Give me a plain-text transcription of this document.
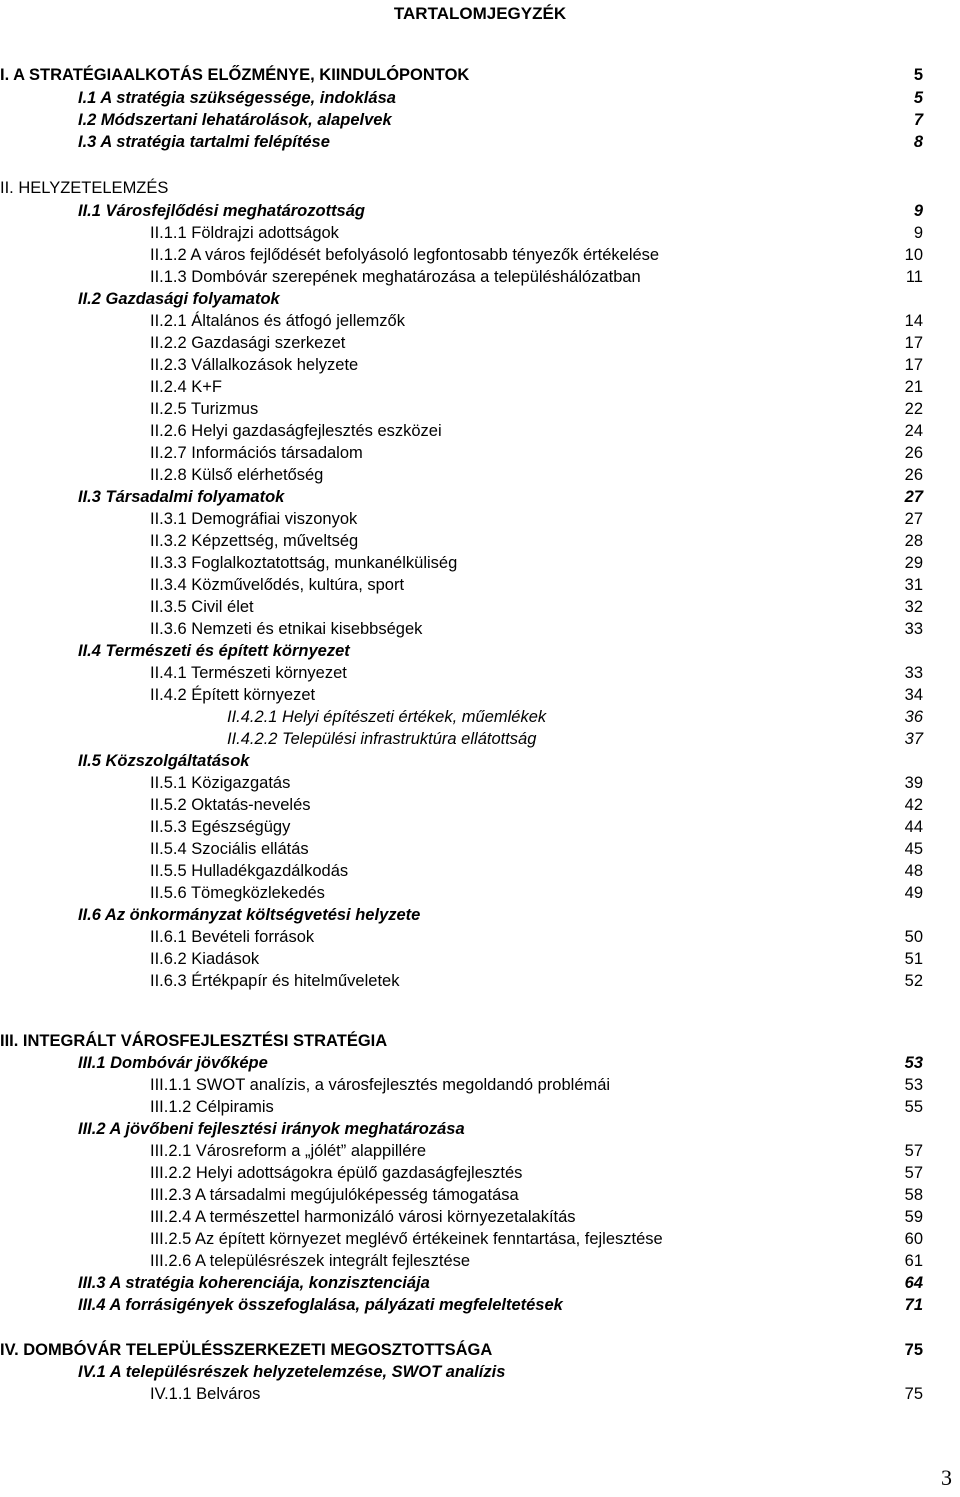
TARTALOMJEGYZÉK
I. A STRATÉGIAALKOTÁS ELŐZMÉNYE, KIINDULÓPONTOK	5
I.1 A stratégia szükségessége, indoklása	5
I.2 Módszertani lehatárolások, alapelvek	7
I.3 A stratégia tartalmi felépítése	8
II. HELYZETELEMZÉS
II.1 Városfejlődési meghatározottság	9
II.1.1 Földrajzi adottságok	9
II.1.2 A város fejlődését befolyásoló legfontosabb tényezők értékelése	10
II.1.3 Dombóvár szerepének meghatározása a településhálózatban	11
II.2 Gazdasági folyamatok
II.2.1 Általános és átfogó jellemzők	14
II.2.2 Gazdasági szerkezet	17
II.2.3 Vállalkozások helyzete	17
II.2.4 K+F	21
II.2.5 Turizmus	22
II.2.6 Helyi gazdaságfejlesztés eszközei	24
II.2.7 Információs társadalom	26
II.2.8 Külső elérhetőség	26
II.3 Társadalmi folyamatok	27
II.3.1 Demográfiai viszonyok	27
II.3.2 Képzettség, műveltség	28
II.3.3 Foglalkoztatottság, munkanélküliség	29
II.3.4 Közművelődés, kultúra, sport	31
II.3.5 Civil élet	32
II.3.6 Nemzeti és etnikai kisebbségek	33
II.4 Természeti és épített környezet
II.4.1 Természeti környezet	33
II.4.2 Épített környezet	34
II.4.2.1 Helyi építészeti értékek, műemlékek	36
II.4.2.2 Települési infrastruktúra ellátottság	37
II.5 Közszolgáltatások
II.5.1 Közigazgatás	39
II.5.2 Oktatás-nevelés	42
II.5.3 Egészségügy	44
II.5.4 Szociális ellátás	45
II.5.5 Hulladékgazdálkodás	48
II.5.6 Tömegközlekedés	49
II.6 Az önkormányzat költségvetési helyzete
II.6.1 Bevételi források	50
II.6.2 Kiadások	51
II.6.3 Értékpapír és hitelműveletek	52
III. INTEGRÁLT VÁROSFEJLESZTÉSI STRATÉGIA
III.1 Dombóvár jövőképe	53
III.1.1 SWOT analízis, a városfejlesztés megoldandó problémái	53
III.1.2 Célpiramis	55
III.2 A jövőbeni fejlesztési irányok meghatározása
III.2.1 Városreform a „jólét” alappillére	57
III.2.2 Helyi adottságokra épülő gazdaságfejlesztés	57
III.2.3 A társadalmi megújulóképesség támogatása	58
III.2.4 A természettel harmonizáló városi környezetalakítás	59
III.2.5 Az épített környezet meglévő értékeinek fenntartása, fejlesztése	60
III.2.6 A településrészek integrált fejlesztése	61
III.3 A stratégia koherenciája, konzisztenciája	64
III.4 A forrásigények összefoglalása, pályázati megfeleltetések	71
IV. DOMBÓVÁR TELEPÜLÉSSZERKEZETI MEGOSZTOTTSÁGA	75
IV.1 A településrészek helyzetelemzése, SWOT analízis
IV.1.1 Belváros	75
3
